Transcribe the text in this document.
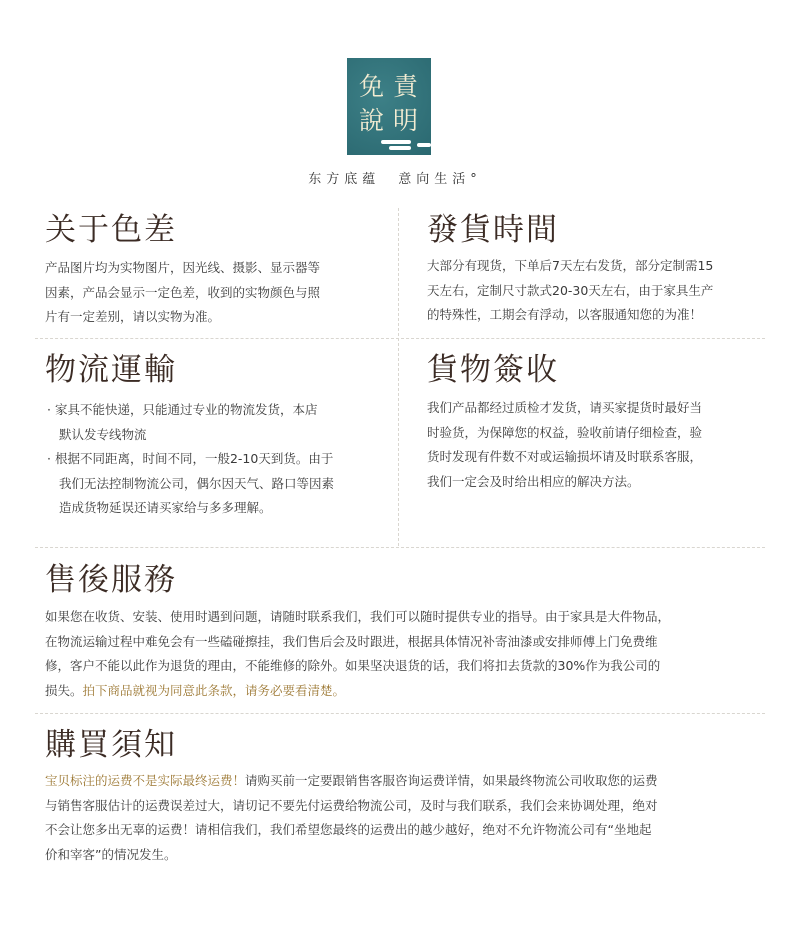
免 責
說 明
东方底蕴　意向生活°
关于色差
产品图片均为实物图片，因光线、摄影、显示器等
因素，产品会显示一定色差，收到的实物颜色与照
片有一定差别，请以实物为准。
發貨時間
大部分有现货，下单后7天左右发货，部分定制需15
天左右，定制尺寸款式20-30天左右，由于家具生产
的特殊性，工期会有浮动，以客服通知您的为准！
物流運輸
· 家具不能快递，只能通过专业的物流发货，本店
默认发专线物流
· 根据不同距离，时间不同，一般2-10天到货。由于
我们无法控制物流公司，偶尔因天气、路口等因素
造成货物延误还请买家给与多多理解。
貨物簽收
我们产品都经过质检才发货，请买家提货时最好当
时验货，为保障您的权益，验收前请仔细检查，验
货时发现有件数不对或运输损坏请及时联系客服，
我们一定会及时给出相应的解决方法。
售後服務
如果您在收货、安装、使用时遇到问题，请随时联系我们，我们可以随时提供专业的指导。由于家具是大件物品，
在物流运输过程中难免会有一些磕碰擦挂，我们售后会及时跟进，根据具体情况补寄油漆或安排师傅上门免费维
修，客户不能以此作为退货的理由，不能维修的除外。如果坚决退货的话，我们将扣去货款的30%作为我公司的
损失。拍下商品就视为同意此条款，请务必要看清楚。
購買須知
宝贝标注的运费不是实际最终运费！请购买前一定要跟销售客服咨询运费详情，如果最终物流公司收取您的运费
与销售客服估计的运费误差过大，请切记不要先付运费给物流公司，及时与我们联系，我们会来协调处理，绝对
不会让您多出无辜的运费！请相信我们，我们希望您最终的运费出的越少越好，绝对不允许物流公司有“坐地起
价和宰客”的情况发生。
